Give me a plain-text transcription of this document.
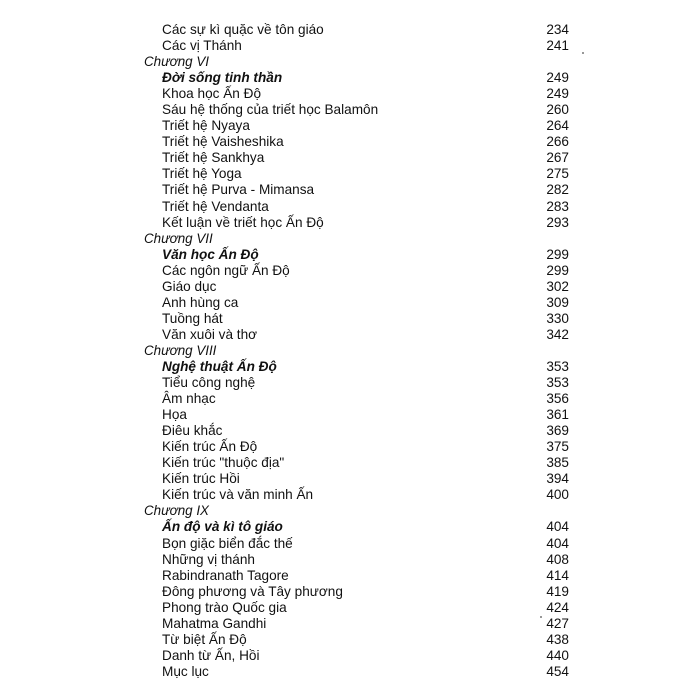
Các sự kì quặc về tôn giáo	234
Các vị Thánh	241
Chương VI
Đời sống tinh thần	249
Khoa học Ấn Độ	249
Sáu hệ thống của triết học Balamôn	260
Triết hệ Nyaya	264
Triết hệ Vaisheshika	266
Triết hệ Sankhya	267
Triết hệ Yoga	275
Triết hệ Purva - Mimansa	282
Triết hệ Vendanta	283
Kết luận về triết học Ấn Độ	293
Chương VII
Văn học Ấn Độ	299
Các ngôn ngữ Ấn Độ	299
Giáo dục	302
Anh hùng ca	309
Tuồng hát	330
Văn xuôi và thơ	342
Chương VIII
Nghệ thuật Ấn Độ	353
Tiểu công nghệ	353
Âm nhạc	356
Họa	361
Điêu khắc	369
Kiến trúc Ấn Độ	375
Kiến trúc "thuộc địa"	385
Kiến trúc Hồi	394
Kiến trúc và văn minh Ấn	400
Chương IX
Ấn độ và kì tô giáo	404
Bọn giặc biển đắc thế	404
Những vị thánh	408
Rabindranath Tagore	414
Đông phương và Tây phương	419
Phong trào Quốc gia	424
Mahatma Gandhi	427
Từ biệt Ấn Độ	438
Danh từ Ấn, Hồi	440
Mục lục	454
